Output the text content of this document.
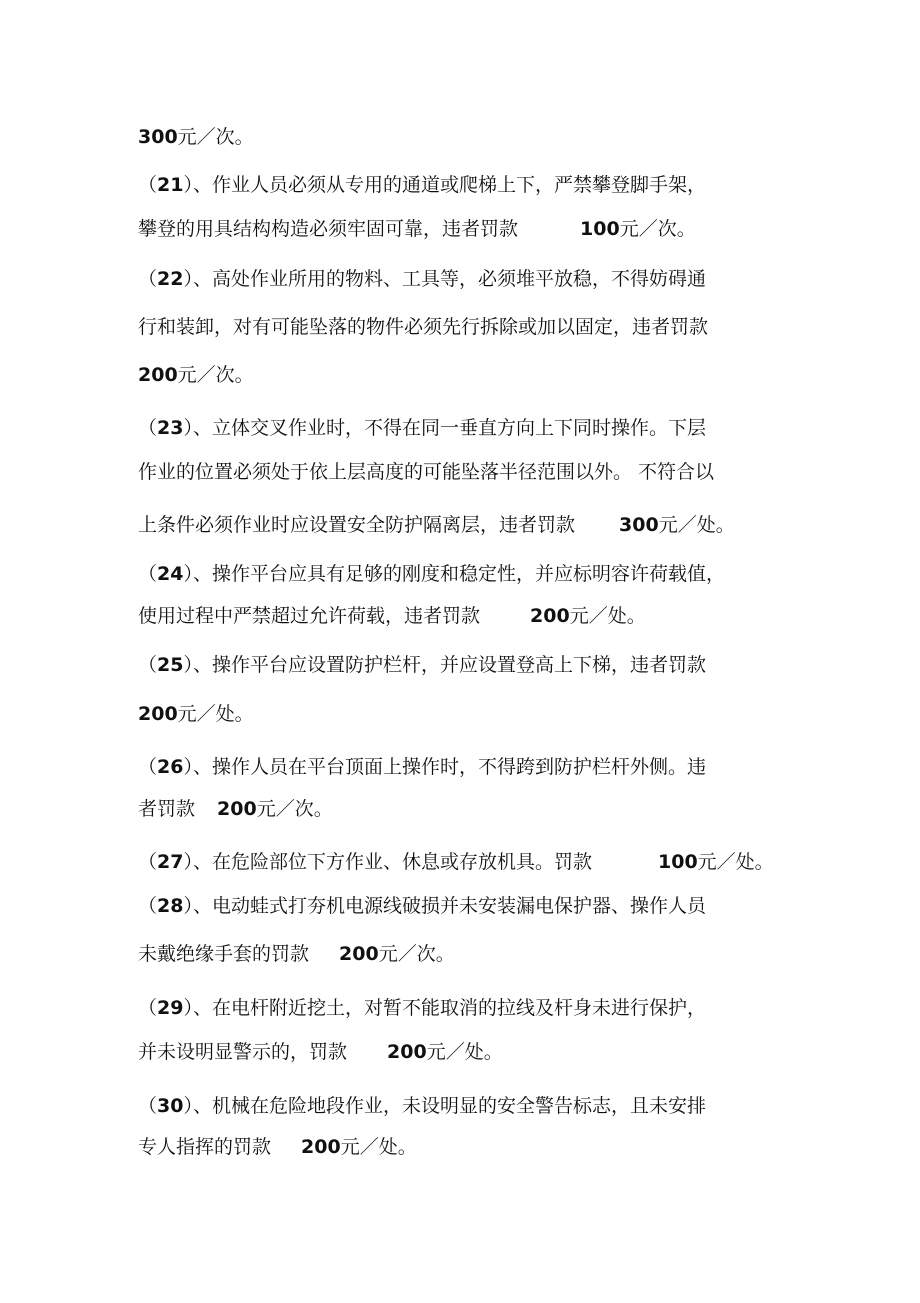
300元／次。
（21）、作业人员必须从专用的通道或爬梯上下，严禁攀登脚手架，
攀登的用具结构构造必须牢固可靠，违者罚款	100元／次。
（22）、高处作业所用的物料、工具等，必须堆平放稳，不得妨碍通
行和装卸，对有可能坠落的物件必须先行拆除或加以固定，违者罚款
200元／次。
（23）、立体交叉作业时，不得在同一垂直方向上下同时操作。下层
作业的位置必须处于依上层高度的可能坠落半径范围以外。 不符合以
上条件必须作业时应设置安全防护隔离层，违者罚款 300元／处。
（24）、操作平台应具有足够的刚度和稳定性，并应标明容许荷载值，
使用过程中严禁超过允许荷载，违者罚款	200元／处。
（25）、操作平台应设置防护栏杆，并应设置登高上下梯，违者罚款
200元／处。
（26）、操作人员在平台顶面上操作时，不得跨到防护栏杆外侧。违
者罚款 200元／次。
（27）、在危险部位下方作业、休息或存放机具。罚款	100元／处。
（28）、电动蛙式打夯机电源线破损并未安装漏电保护器、操作人员
未戴绝缘手套的罚款 200元／次。
（29）、在电杆附近挖土，对暂不能取消的拉线及杆身未进行保护，
并未设明显警示的，罚款 200元／处。
（30）、机械在危险地段作业，未设明显的安全警告标志，且未安排
专人指挥的罚款 200元／处。
